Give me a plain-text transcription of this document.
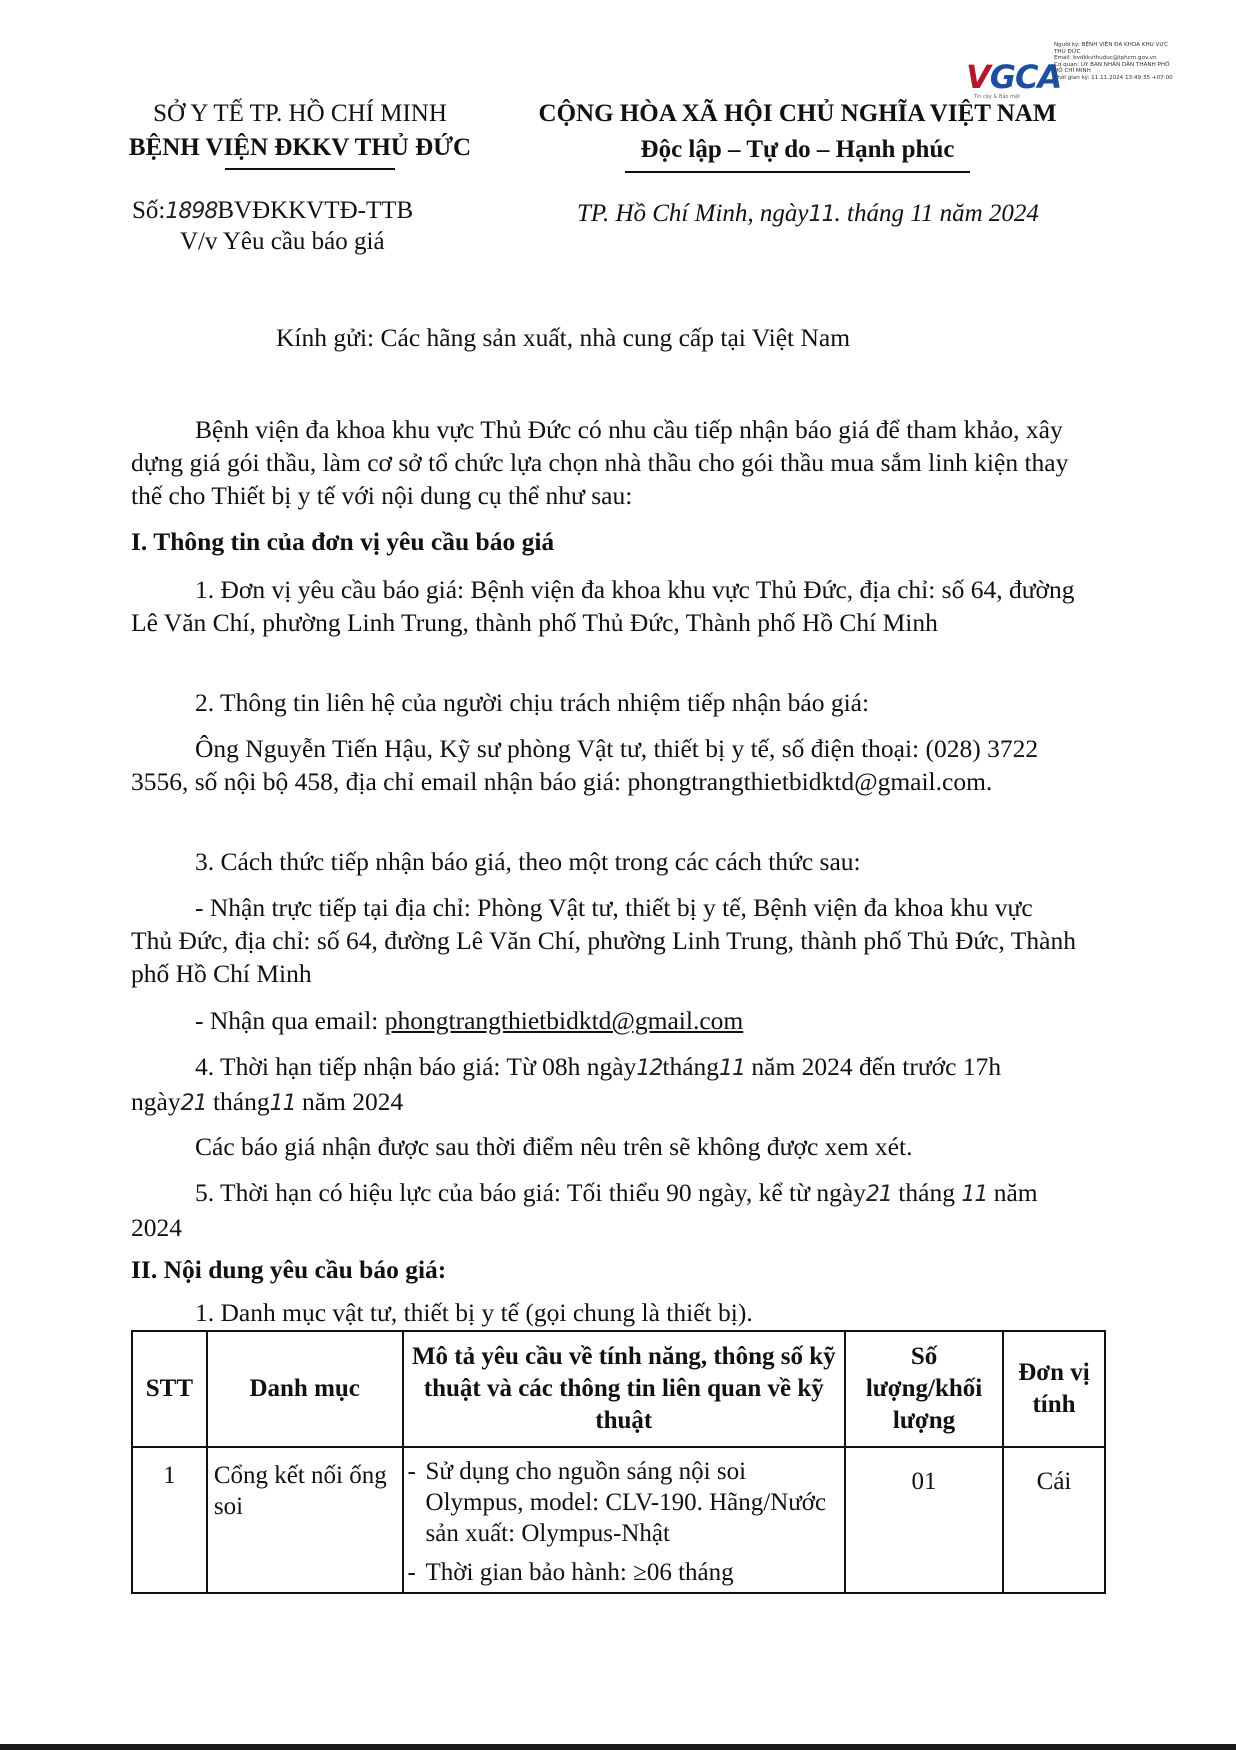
SỞ Y TẾ TP. HỒ CHÍ MINH
BỆNH VIỆN ĐKKV THỦ ĐỨC
CỘNG HÒA XÃ HỘI CHỦ NGHĨA VIỆT NAM
Độc lập – Tự do – Hạnh phúc
VGCA
Tin cậy & Bảo mật
Người ký: BỆNH VIỆN ĐA KHOA KHU VỰC THỦ ĐỨC
Email: bvdkkvthuduc@tphcm.gov.vn
Cơ quan: ỦY BAN NHÂN DÂN THÀNH PHỐ HỒ CHÍ MINH
Thời gian ký: 11.11.2024 13:49:35 +07:00
Số:1898BVĐKKVTĐ-TTB
V/v Yêu cầu báo giá
TP. Hồ Chí Minh, ngày11. tháng 11 năm 2024
Kính gửi: Các hãng sản xuất, nhà cung cấp tại Việt Nam
Bệnh viện đa khoa khu vực Thủ Đức có nhu cầu tiếp nhận báo giá để tham khảo, xây dựng giá gói thầu, làm cơ sở tổ chức lựa chọn nhà thầu cho gói thầu mua sắm linh kiện thay thế cho Thiết bị y tế với nội dung cụ thể như sau:
I. Thông tin của đơn vị yêu cầu báo giá
1. Đơn vị yêu cầu báo giá: Bệnh viện đa khoa khu vực Thủ Đức, địa chỉ: số 64, đường Lê Văn Chí, phường Linh Trung, thành phố Thủ Đức, Thành phố Hồ Chí Minh
2. Thông tin liên hệ của người chịu trách nhiệm tiếp nhận báo giá:
Ông Nguyễn Tiến Hậu, Kỹ sư phòng Vật tư, thiết bị y tế, số điện thoại: (028) 3722 3556, số nội bộ 458, địa chỉ email nhận báo giá: phongtrangthietbidktd@gmail.com.
3. Cách thức tiếp nhận báo giá, theo một trong các cách thức sau:
- Nhận trực tiếp tại địa chỉ: Phòng Vật tư, thiết bị y tế, Bệnh viện đa khoa khu vực Thủ Đức, địa chỉ: số 64, đường Lê Văn Chí, phường Linh Trung, thành phố Thủ Đức, Thành phố Hồ Chí Minh
- Nhận qua email: phongtrangthietbidktd@gmail.com
4. Thời hạn tiếp nhận báo giá: Từ 08h ngày12tháng11 năm 2024 đến trước 17h ngày21 tháng11 năm 2024
Các báo giá nhận được sau thời điểm nêu trên sẽ không được xem xét.
5. Thời hạn có hiệu lực của báo giá: Tối thiểu 90 ngày, kể từ ngày21 tháng 11 năm 2024
II. Nội dung yêu cầu báo giá:
1. Danh mục vật tư, thiết bị y tế (gọi chung là thiết bị).
STT	Danh mục	Mô tả yêu cầu về tính năng, thông số kỹ thuật và các thông tin liên quan về kỹ thuật	Số lượng/khối lượng	Đơn vị tính
1	Cổng kết nối ống soi	- Sử dụng cho nguồn sáng nội soi Olympus, model: CLV-190. Hãng/Nước sản xuất: Olympus-Nhật
- Thời gian bảo hành: ≥06 tháng	01	Cái
